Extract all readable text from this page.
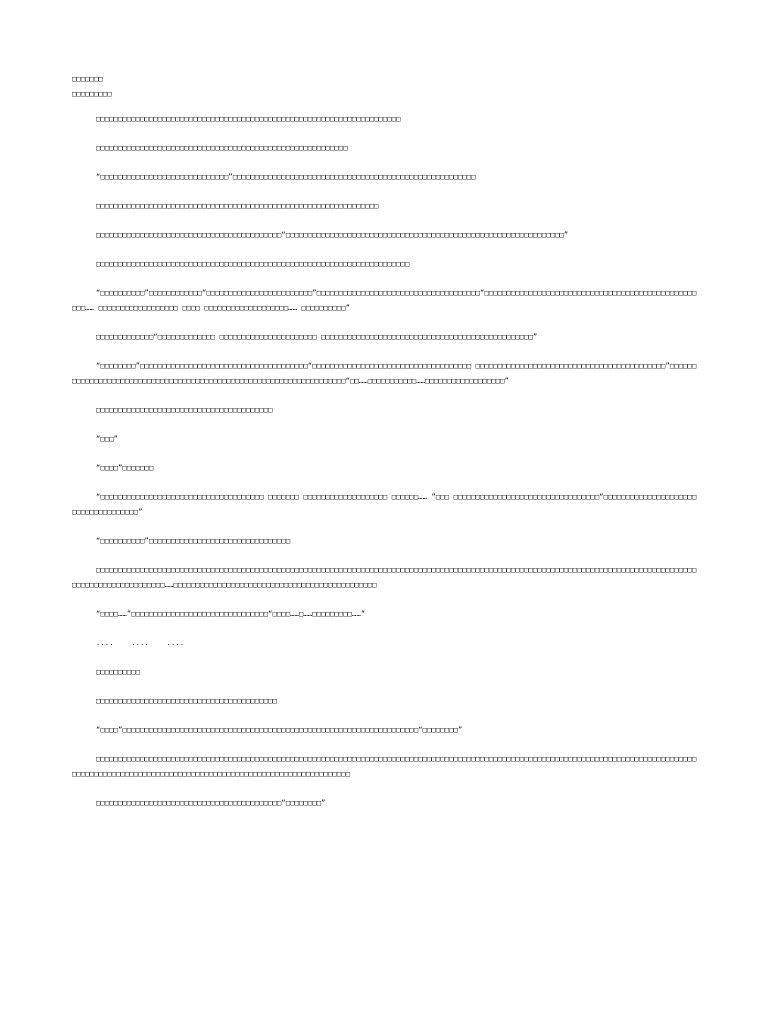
□□□□□□□

□□□□□□□□□

□□□□□□□□□□□□□□□□□□□□□□□□□□□□□□□□□□□□□□□□□□□□□□□□□□□□□□□□□□□□□□□□□□□□□

□□□□□□□□□□□□□□□□□□□□□□□□□□□□□□□□□□□□□□□□□□□□□□□□□□□□□□□□□

“□□□□□□□□□□□□□□□□□□□□□□□□□□□□□”□□□□□□□□□□□□□□□□□□□□□□□□□□□□□□□□□□□□□□□□□□□□□□□□□□□□□□□

□□□□□□□□□□□□□□□□□□□□□□□□□□□□□□□□□□□□□□□□□□□□□□□□□□□□□□□□□□□□□□□□

□□□□□□□□□□□□□□□□□□□□□□□□□□□□□□□□□□□□□□□□□□“□□□□□□□□□□□□□□□□□□□□□□□□□□□□□□□□□□□□□□□□□□□□□□□□□□□□□□□□□□□□□□□”

□□□□□□□□□□□□□□□□□□□□□□□□□□□□□□□□□□□□□□□□□□□□□□□□□□□□□□□□□□□□□□□□□□□□□□□

“□□□□□□□□□□”□□□□□□□□□□□□“□□□□□□□□□□□□□□□□□□□□□□□□”□□□□□□□□□□□□□□□□□□□□□□□□□□□□□□□□□□□□□“□□□□□□□□□□□□□□□□□□□□□□□□□□□□□□□□□□□□□□□□□□□□□□□□□□□…… □□□□□□□□□□□□□□□□□□ □□□□ □□□□□□□□□□□□□□□□□□□…… □□□□□□□□□□”

□□□□□□□□□□□□□“□□□□□□□□□□□□□ □□□□□□□□□□□□□□□□□□□□□□ □□□□□□□□□□□□□□□□□□□□□□□□□□□□□□□□□□□□□□□□□□□□□□□□”

“□□□□□□□□”□□□□□□□□□□□□□□□□□□□□□□□□□□□□□□□□□□□□□□“□□□□□□□□□□□□□□□□□□□□□□□□□□□□□□□□□□□□ □□□□□□□□□□□□□□□□□□□□□□□□□□□□□□□□□□□□□□□□□□□”□□□□□□□□□□□□□□□□□□□□□□□□□□□□□□□□□□□□□□□□□□□□□□□□□□□□□□□□□□□□□□□□□□□□“□□……□□□□□□□□□□□……□□□□□□□□□□□□□□□□□□”

□□□□□□□□□□□□□□□□□□□□□□□□□□□□□□□□□□□□□□□□

“□□□”

“□□□□”□□□□□□□

“□□□□□□□□□□□□□□□□□□□□□□□□□□□□□□□□□□□□□ □□□□□□□ □□□□□□□□□□□□□□□□□□□ □□□□□□…… ”□□□ □□□□□□□□□□□□□□□□□□□□□□□□□□□□□□□□□“□□□□□□□□□□□□□□□□□□□□□□□□□□□□□□□□□□□□”

“□□□□□□□□□□”□□□□□□□□□□□□□□□□□□□□□□□□□□□□□□□□

□□□□□□□□□□□□□□□□□□□□□□□□□□□□□□□□□□□□□□□□□□□□□□□□□□□□□□□□□□□□□□□□□□□□□□□□□□□□□□□□□□□□□□□□□□□□□□□□□□□□□□□□□□□□□□□□□□□□□□□□□□□□□□□□□□□□□□□□□□□□□□□□□□□□□□□□□□□□□……□□□□□□□□□□□□□□□□□□□□□□□□□□□□□□□□□□□□□□□□□□□□□□

“□□□□……”□□□□□□□□□□□□□□□□□□□□□□□□□□□□□□□“□□□□……□……□□□□□□□□□……”

....    ....    ....

□□□□□□□□□□

□□□□□□□□□□□□□□□□□□□□□□□□□□□□□□□□□□□□□□□□□

“□□□□”□□□□□□□□□□□□□□□□□□□□□□□□□□□□□□□□□□□□□□□□□□□□□□□□□□□□□□□□□□□□□□□□□□□“□□□□□□□□”

□□□□□□□□□□□□□□□□□□□□□□□□□□□□□□□□□□□□□□□□□□□□□□□□□□□□□□□□□□□□□□□□□□□□□□□□□□□□□□□□□□□□□□□□□□□□□□□□□□□□□□□□□□□□□□□□□□□□□□□□□□□□□□□□□□□□□□□□□□□□□□□□□□□□□□□□□□□□□□□□□□□□□□□□□□□□□□□□□□□□□□□□□□□□□□□□□□□□□□□

□□□□□□□□□□□□□□□□□□□□□□□□□□□□□□□□□□□□□□□□□□“□□□□□□□□”
